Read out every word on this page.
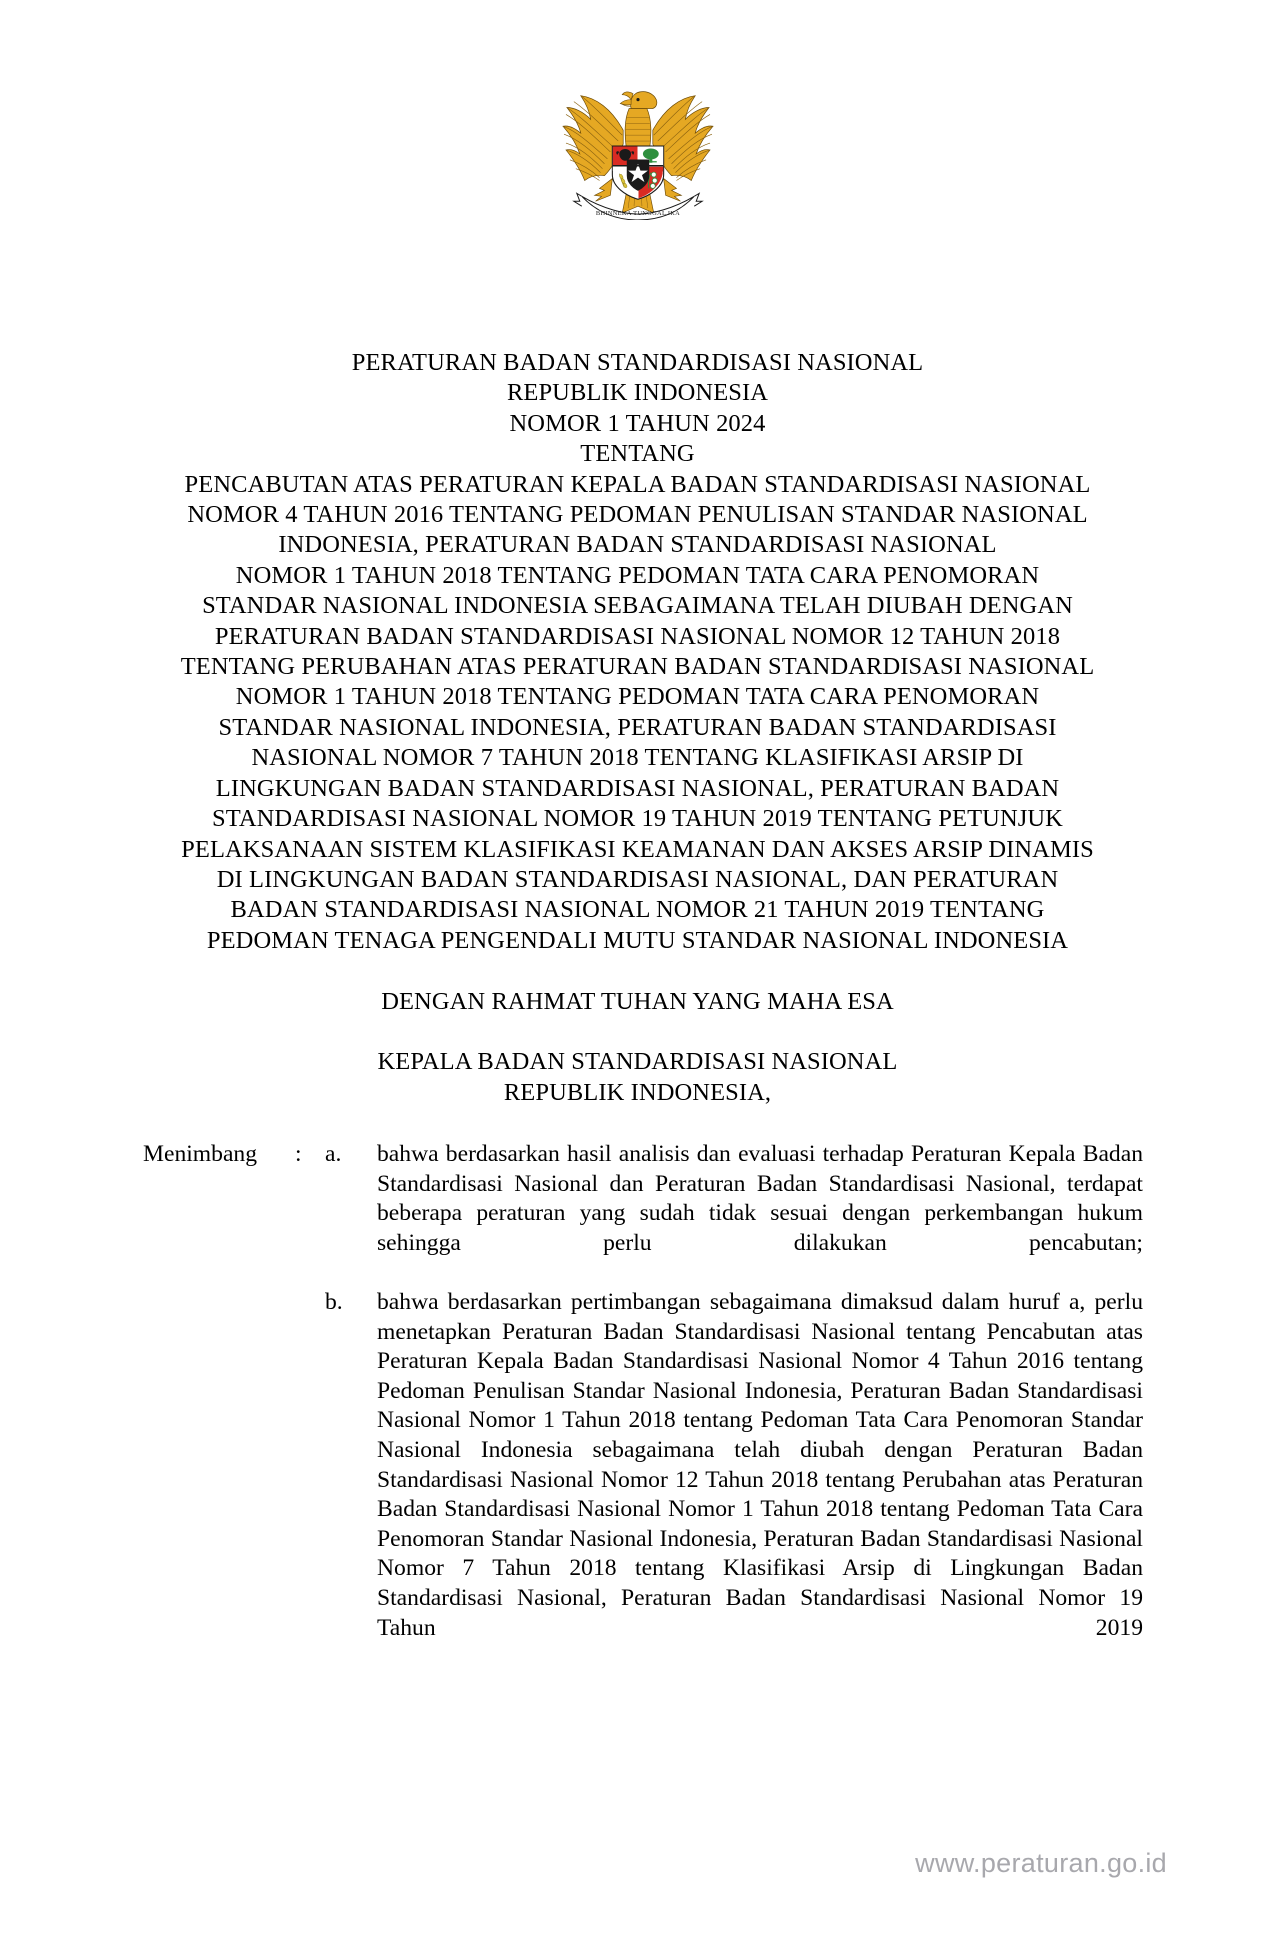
BHINNEKA TUNGGAL IKA
PERATURAN BADAN STANDARDISASI NASIONAL
REPUBLIK INDONESIA
NOMOR 1 TAHUN 2024
TENTANG
PENCABUTAN ATAS PERATURAN KEPALA BADAN STANDARDISASI NASIONAL
NOMOR 4 TAHUN 2016 TENTANG PEDOMAN PENULISAN STANDAR NASIONAL
INDONESIA, PERATURAN BADAN STANDARDISASI NASIONAL
NOMOR 1 TAHUN 2018 TENTANG PEDOMAN TATA CARA PENOMORAN
STANDAR NASIONAL INDONESIA SEBAGAIMANA TELAH DIUBAH DENGAN
PERATURAN BADAN STANDARDISASI NASIONAL NOMOR 12 TAHUN 2018
TENTANG PERUBAHAN ATAS PERATURAN BADAN STANDARDISASI NASIONAL
NOMOR 1 TAHUN 2018 TENTANG PEDOMAN TATA CARA PENOMORAN
STANDAR NASIONAL INDONESIA, PERATURAN BADAN STANDARDISASI
NASIONAL NOMOR 7 TAHUN 2018 TENTANG KLASIFIKASI ARSIP DI
LINGKUNGAN BADAN STANDARDISASI NASIONAL, PERATURAN BADAN
STANDARDISASI NASIONAL NOMOR 19 TAHUN 2019 TENTANG PETUNJUK
PELAKSANAAN SISTEM KLASIFIKASI KEAMANAN DAN AKSES ARSIP DINAMIS
DI LINGKUNGAN BADAN STANDARDISASI NASIONAL, DAN PERATURAN
BADAN STANDARDISASI NASIONAL NOMOR 21 TAHUN 2019 TENTANG
PEDOMAN TENAGA PENGENDALI MUTU STANDAR NASIONAL INDONESIA
DENGAN RAHMAT TUHAN YANG MAHA ESA
KEPALA BADAN STANDARDISASI NASIONAL
REPUBLIK INDONESIA,
Menimbang	: a.	bahwa berdasarkan hasil analisis dan evaluasi terhadap Peraturan Kepala Badan Standardisasi Nasional dan Peraturan Badan Standardisasi Nasional, terdapat beberapa peraturan yang sudah tidak sesuai dengan perkembangan hukum sehingga perlu dilakukan pencabutan;
b.	bahwa berdasarkan pertimbangan sebagaimana dimaksud dalam huruf a, perlu menetapkan Peraturan Badan Standardisasi Nasional tentang Pencabutan atas Peraturan Kepala Badan Standardisasi Nasional Nomor 4 Tahun 2016 tentang Pedoman Penulisan Standar Nasional Indonesia, Peraturan Badan Standardisasi Nasional Nomor 1 Tahun 2018 tentang Pedoman Tata Cara Penomoran Standar Nasional Indonesia sebagaimana telah diubah dengan Peraturan Badan Standardisasi Nasional Nomor 12 Tahun 2018 tentang Perubahan atas Peraturan Badan Standardisasi Nasional Nomor 1 Tahun 2018 tentang Pedoman Tata Cara Penomoran Standar Nasional Indonesia, Peraturan Badan Standardisasi Nasional Nomor 7 Tahun 2018 tentang Klasifikasi Arsip di Lingkungan Badan Standardisasi Nasional, Peraturan Badan Standardisasi Nasional Nomor 19 Tahun 2019
www.peraturan.go.id
